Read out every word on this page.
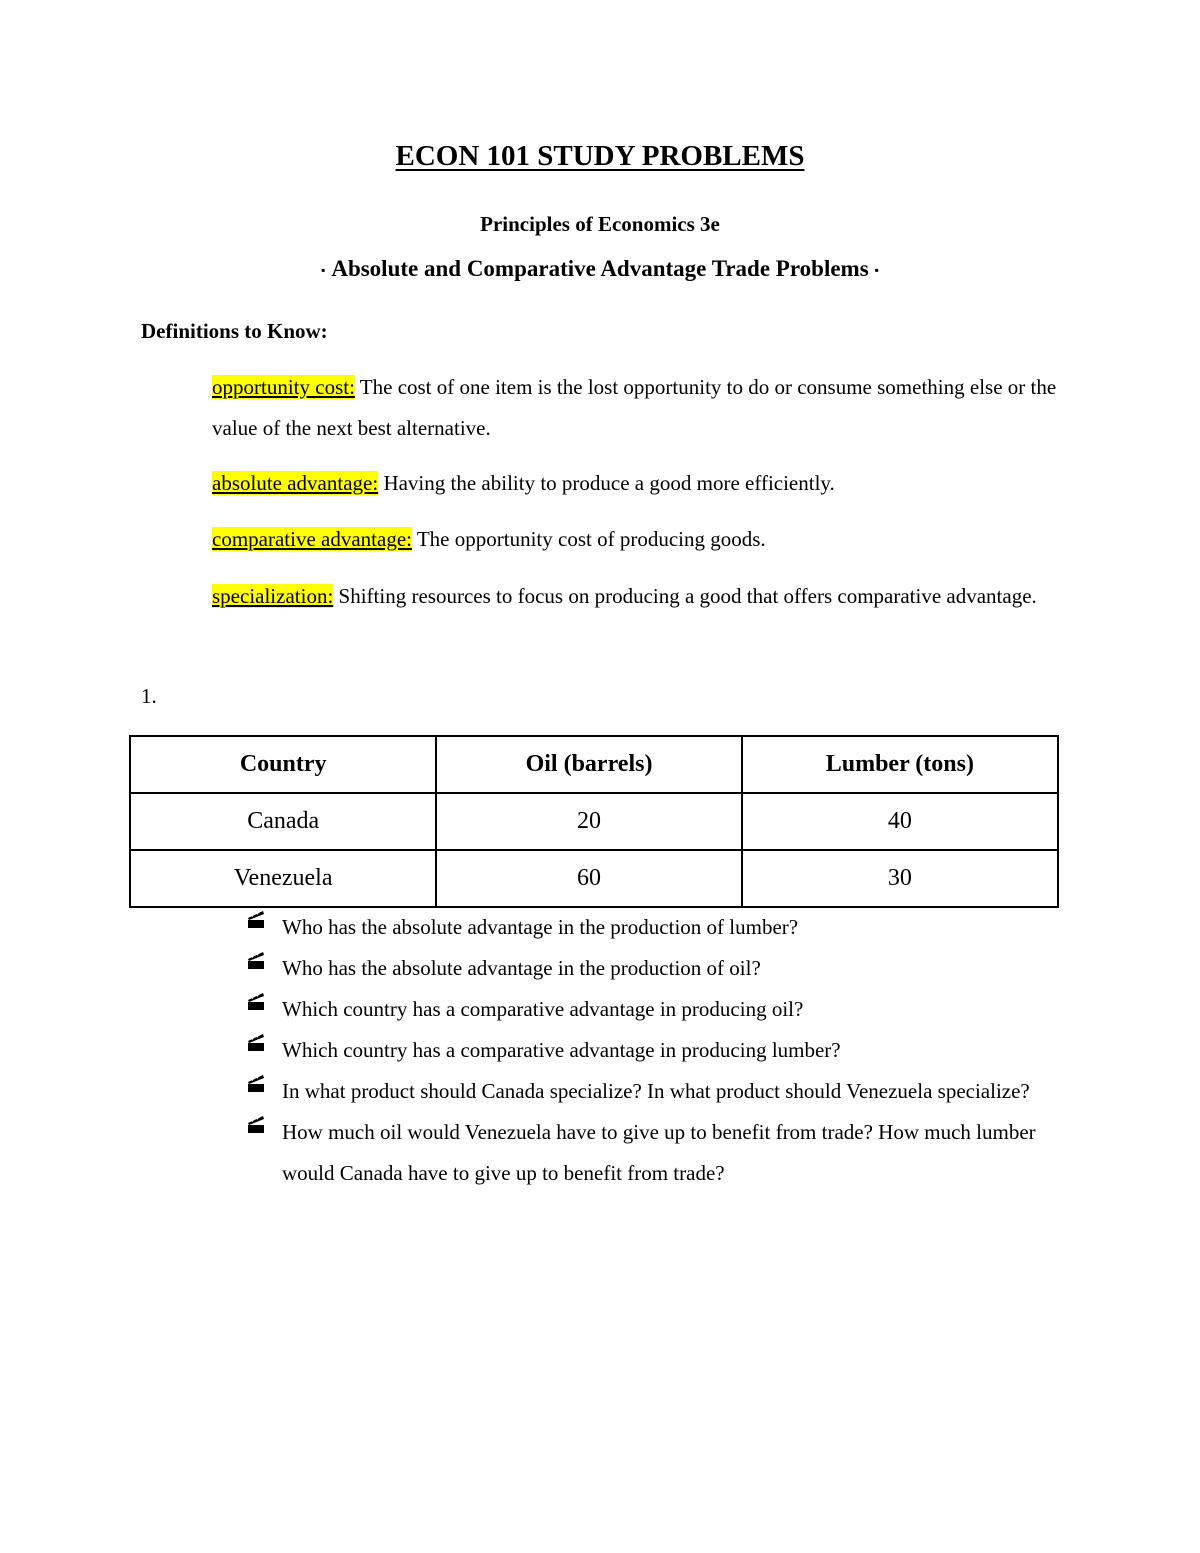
ECON 101 STUDY PROBLEMS
Principles of Economics 3e
▪ Absolute and Comparative Advantage Trade Problems ▪
Definitions to Know:
opportunity cost: The cost of one item is the lost opportunity to do or consume something else or the value of the next best alternative.
absolute advantage: Having the ability to produce a good more efficiently.
comparative advantage: The opportunity cost of producing goods.
specialization: Shifting resources to focus on producing a good that offers comparative advantage.
1.
Country	Oil (barrels)	Lumber (tons)
Canada	20	40
Venezuela	60	30
Who has the absolute advantage in the production of lumber?
Who has the absolute advantage in the production of oil?
Which country has a comparative advantage in producing oil?
Which country has a comparative advantage in producing lumber?
In what product should Canada specialize? In what product should Venezuela specialize?
How much oil would Venezuela have to give up to benefit from trade? How much lumber would Canada have to give up to benefit from trade?
